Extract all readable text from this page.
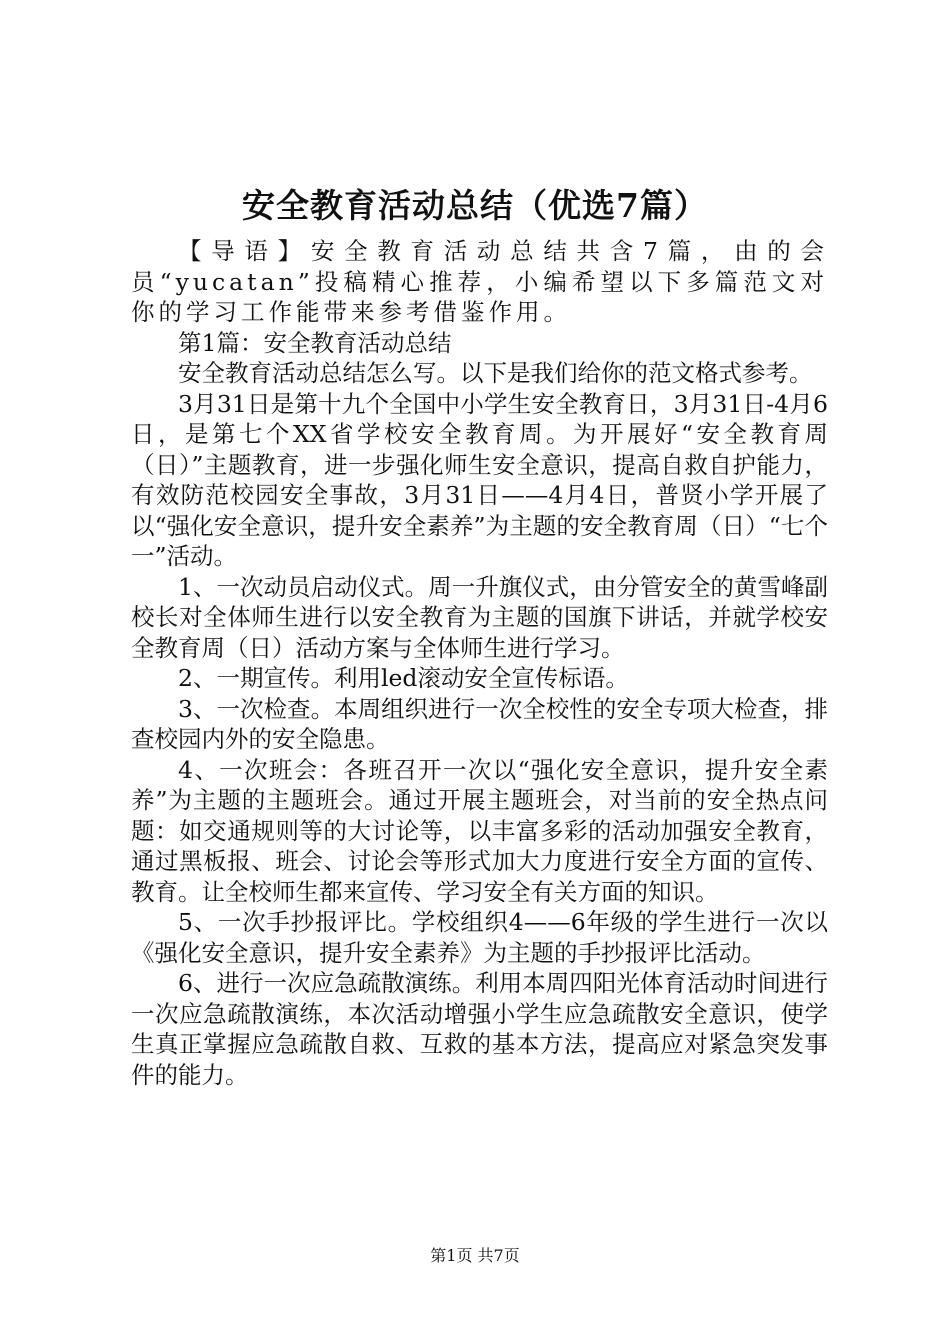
安全教育活动总结（优选7篇）

【导语】安全教育活动总结共含7篇，由的会员“yucatan”投稿精心推荐，小编希望以下多篇范文对你的学习工作能带来参考借鉴作用。

第1篇：安全教育活动总结

安全教育活动总结怎么写。以下是我们给你的范文格式参考。

3月31日是第十九个全国中小学生安全教育日，3月31日-4月6日，是第七个XX省学校安全教育周。为开展好“安全教育周（日）”主题教育，进一步强化师生安全意识，提高自救自护能力，有效防范校园安全事故，3月31日——4月4日，普贤小学开展了以“强化安全意识，提升安全素养”为主题的安全教育周（日）“七个一”活动。

1、一次动员启动仪式。周一升旗仪式，由分管安全的黄雪峰副校长对全体师生进行以安全教育为主题的国旗下讲话，并就学校安全教育周（日）活动方案与全体师生进行学习。

2、一期宣传。利用led滚动安全宣传标语。

3、一次检查。本周组织进行一次全校性的安全专项大检查，排查校园内外的安全隐患。

4、一次班会：各班召开一次以“强化安全意识，提升安全素养”为主题的主题班会。通过开展主题班会，对当前的安全热点问题：如交通规则等的大讨论等，以丰富多彩的活动加强安全教育，通过黑板报、班会、讨论会等形式加大力度进行安全方面的宣传、教育。让全校师生都来宣传、学习安全有关方面的知识。

5、一次手抄报评比。学校组织4——6年级的学生进行一次以《强化安全意识，提升安全素养》为主题的手抄报评比活动。

6、进行一次应急疏散演练。利用本周四阳光体育活动时间进行一次应急疏散演练，本次活动增强小学生应急疏散安全意识，使学生真正掌握应急疏散自救、互救的基本方法，提高应对紧急突发事件的能力。

第1页 共7页
